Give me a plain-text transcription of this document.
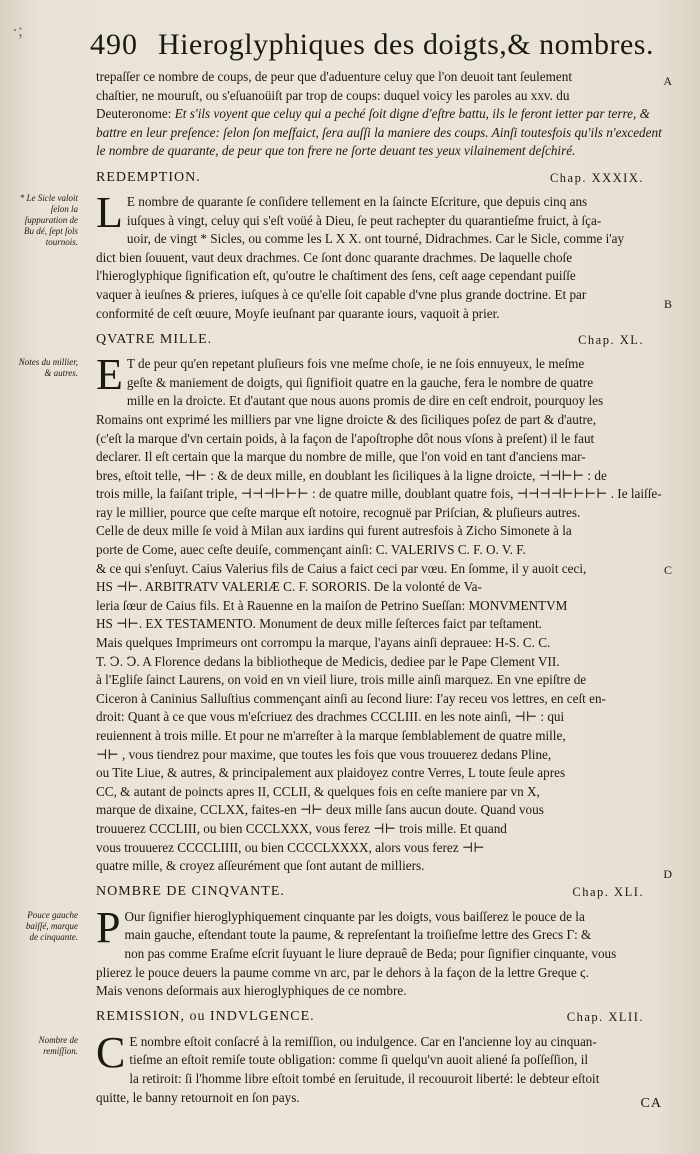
490 Hieroglyphiques des doigts,& nombres.
·;
A

trepaſſer ce nombre de coups, de peur que d'aduenture celuy que l'on deuoit tant ſeulement

chaſtier, ne mouruſt, ou s'eſuanoüiſt par trop de coups: duquel voicy les paroles au xxv. du

Deuteronome: Et s'ils voyent que celuy qui a peché ſoit digne d'eſtre battu, ils le feront ietter par terre, &

battre en leur preſence: ſelon ſon meſfaict, ſera auſſi la maniere des coups. Ainſi toutesfois qu'ils n'excedent

le nombre de quarante, de peur que ton frere ne ſorte deuant tes yeux vilainement deſchiré.

REDEMPTION.	Chap. XXXIX.
* Le Sicle valoit ſelon la ſuppuration de Bu dé, ſept ſols tournois.
L E nombre de quarante ſe conſidere tellement en la ſaincte Eſcriture, que depuis cinq ans

iuſques à vingt, celuy qui s'eſt voüé à Dieu, ſe peut rachepter du quarantieſme fruict, à ſça-

uoir, de vingt * Sicles, ou comme les L X X. ont tourné, Didrachmes. Car le Sicle, comme i'ay

dict bien ſouuent, vaut deux drachmes. Ce ſont donc quarante drachmes. De laquelle choſe

l'hieroglyphique ſignification eſt, qu'outre le chaſtiment des ſens, ceſt aage cependant puiſſe

vaquer à ieuſnes & prieres, iuſques à ce qu'elle ſoit capable d'vne plus grande doctrine. Et par

conformité de ceſt œuure, Moyſe ieuſnant par quarante iours, vaquoit à prier.

B
QVATRE MILLE.	Chap. XL.
Notes du millier, & autres. E T de peur qu'en repetant pluſieurs fois vne meſme choſe, ie ne ſois ennuyeux, le meſme

geſte & maniement de doigts, qui ſignifioit quatre en la gauche, fera le nombre de quatre

mille en la droicte. Et d'autant que nous auons promis de dire en ceſt endroit, pourquoy les

Romains ont exprimé les milliers par vne ligne droicte & des ſiciliques poſez de part & d'autre,

(c'eſt la marque d'vn certain poids, à la façon de l'apoſtrophe dôt nous vſons à preſent) il le faut

declarer. Il eſt certain que la marque du nombre de mille, que l'on void en tant d'anciens mar-

bres, eſtoit telle, ⊣⊢ : & de deux mille, en doublant les ſiciliques à la ligne droicte, ⊣⊣⊢⊢ : de

trois mille, la faiſant triple, ⊣⊣⊣⊢⊢⊢ : de quatre mille, doublant quatre fois, ⊣⊣⊣⊣⊢⊢⊢⊢ . Ie laiſſe-

ray le millier, pource que ceſte marque eſt notoire, recognuë par Priſcian, & pluſieurs autres.

Celle de deux mille ſe void à Milan aux iardins qui furent autresfois à Zicho Simonete à la

porte de Come, auec ceſte deuiſe, commençant ainſi: C. VALERIVS C. F. O. V. F.

& ce qui s'enſuyt. Caius Valerius fils de Caius a faict ceci par vœu. En ſomme, il y auoit ceci,

HS ⊣⊢. ARBITRATV VALERIÆ C. F. SORORIS. De la volonté de Va-

leria ſœur de Caius fils. Et à Rauenne en la maiſon de Petrino Sueſſan: MONVMENTVM

HS ⊣⊢. EX TESTAMENTO. Monument de deux mille ſeſterces faict par teſtament.

Mais quelques Imprimeurs ont corrompu la marque, l'ayans ainſi deprauee: H-S. C. C.

T. Ↄ. Ↄ. A Florence dedans la bibliotheque de Medicis, dediee par le Pape Clement VII.

à l'Egliſe ſainct Laurens, on void en vn vieil liure, trois mille ainſi marquez. En vne epiſtre de

Ciceron à Caninius Salluſtius commençant ainſi au ſecond liure: I'ay receu vos lettres, en ceſt en-

droit: Quant à ce que vous m'eſcriuez des drachmes CCCLIII. en les note ainſi, ⊣⊢ : qui

reuiennent à trois mille. Et pour ne m'arreſter à la marque ſemblablement de quatre mille,

⊣⊢ , vous tiendrez pour maxime, que toutes les fois que vous trouuerez dedans Pline,

ou Tite Liue, & autres, & principalement aux plaidoyez contre Verres, L toute ſeule apres

CC, & autant de poincts apres II, CCLII, & quelques fois en ceſte maniere par vn X,

marque de dixaine, CCLXX, faites-en ⊣⊢ deux mille ſans aucun doute. Quand vous

trouuerez CCCLIII, ou bien CCCLXXX, vous ferez ⊣⊢ trois mille. Et quand

vous trouuerez CCCCLIIII, ou bien CCCCLXXXX, alors vous ferez ⊣⊢

quatre mille, & croyez aſſeurément que ſont autant de milliers.

C
D
NOMBRE DE CINQVANTE.	Chap. XLI.
Pouce gauche baiſſé, marque de cinquante. P Our ſignifier hieroglyphiquement cinquante par les doigts, vous baiſſerez le pouce de la

main gauche, eſtendant toute la paume, & repreſentant la troiſieſme lettre des Grecs Γ: &

non pas comme Eraſme eſcrit ſuyuant le liure deprauê de Beda; pour ſignifier cinquante, vous

plierez le pouce deuers la paume comme vn arc, par le dehors à la façon de la lettre Greque ϛ.

Mais venons deſormais aux hieroglyphiques de ce nombre.

REMISSION, ou INDVLGENCE.	Chap. XLII.
Nombre de remiſſion. C E nombre eſtoit conſacré à la remiſſion, ou indulgence. Car en l'ancienne loy au cinquan-

tieſme an eſtoit remiſe toute obligation: comme ſi quelqu'vn auoit aliené ſa poſſeſſion, il

la retiroit: ſi l'homme libre eſtoit tombé en ſeruitude, il recouuroit liberté: le debteur eſtoit

quitte, le banny retournoit en ſon pays.	CA
